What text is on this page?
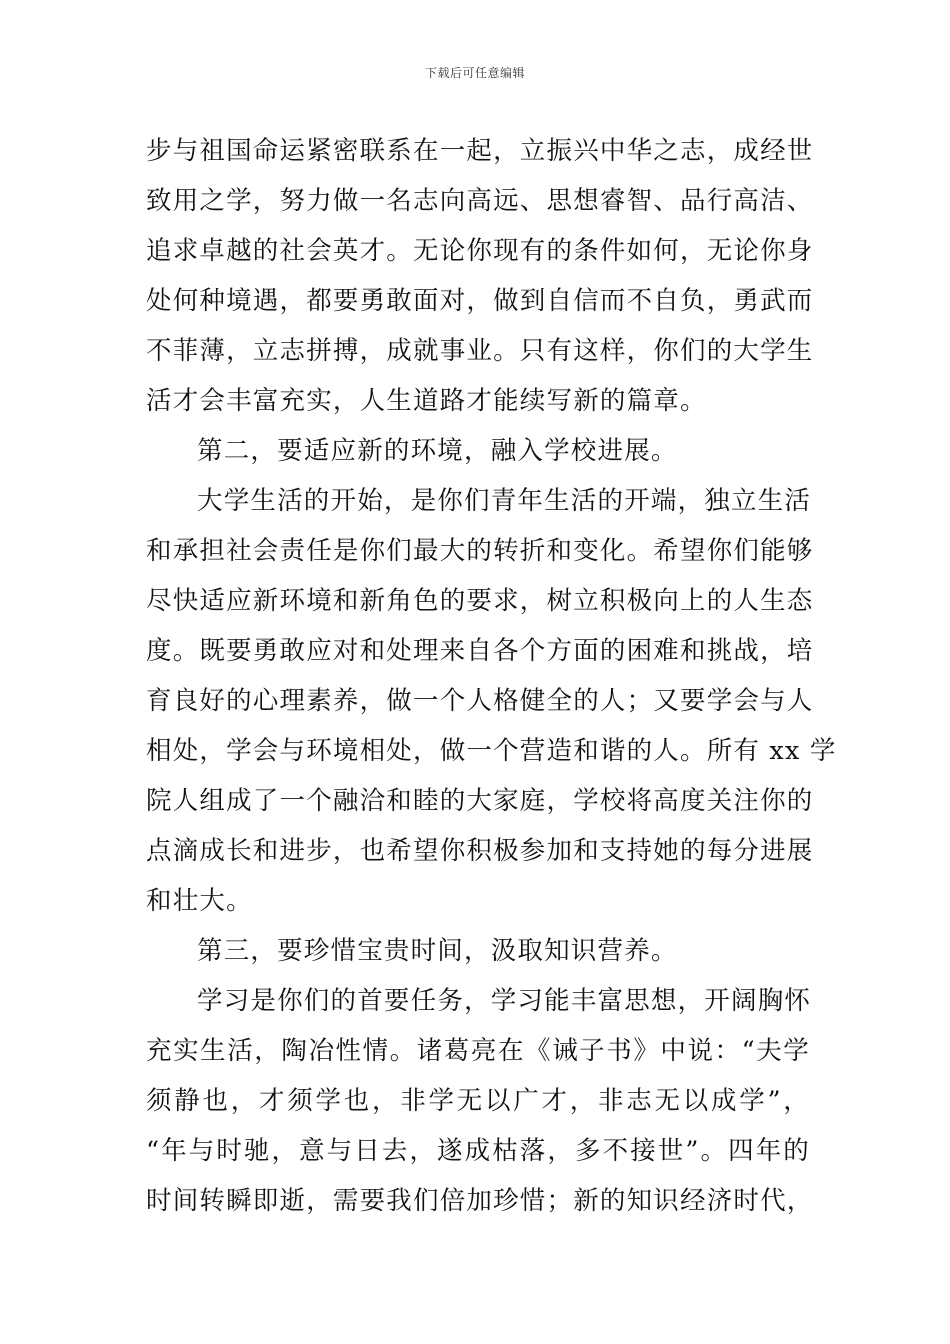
下载后可任意编辑
步与祖国命运紧密联系在一起，立振兴中华之志，成经世
致用之学，努力做一名志向高远、思想睿智、品行高洁、
追求卓越的社会英才。无论你现有的条件如何，无论你身
处何种境遇，都要勇敢面对，做到自信而不自负，勇武而
不菲薄，立志拼搏，成就事业。只有这样，你们的大学生
活才会丰富充实，人生道路才能续写新的篇章。
第二，要适应新的环境，融入学校进展。
大学生活的开始，是你们青年生活的开端，独立生活
和承担社会责任是你们最大的转折和变化。希望你们能够
尽快适应新环境和新角色的要求，树立积极向上的人生态
度。既要勇敢应对和处理来自各个方面的困难和挑战，培
育良好的心理素养，做一个人格健全的人；又要学会与人
相处，学会与环境相处，做一个营造和谐的人。所有 xx 学
院人组成了一个融洽和睦的大家庭，学校将高度关注你的
点滴成长和进步，也希望你积极参加和支持她的每分进展
和壮大。
第三，要珍惜宝贵时间，汲取知识营养。
学习是你们的首要任务，学习能丰富思想，开阔胸怀
充实生活，陶冶性情。诸葛亮在《诫子书》中说：“夫学
须静也，才须学也，非学无以广才，非志无以成学”，
“年与时驰，意与日去，遂成枯落，多不接世”。四年的
时间转瞬即逝，需要我们倍加珍惜；新的知识经济时代，
